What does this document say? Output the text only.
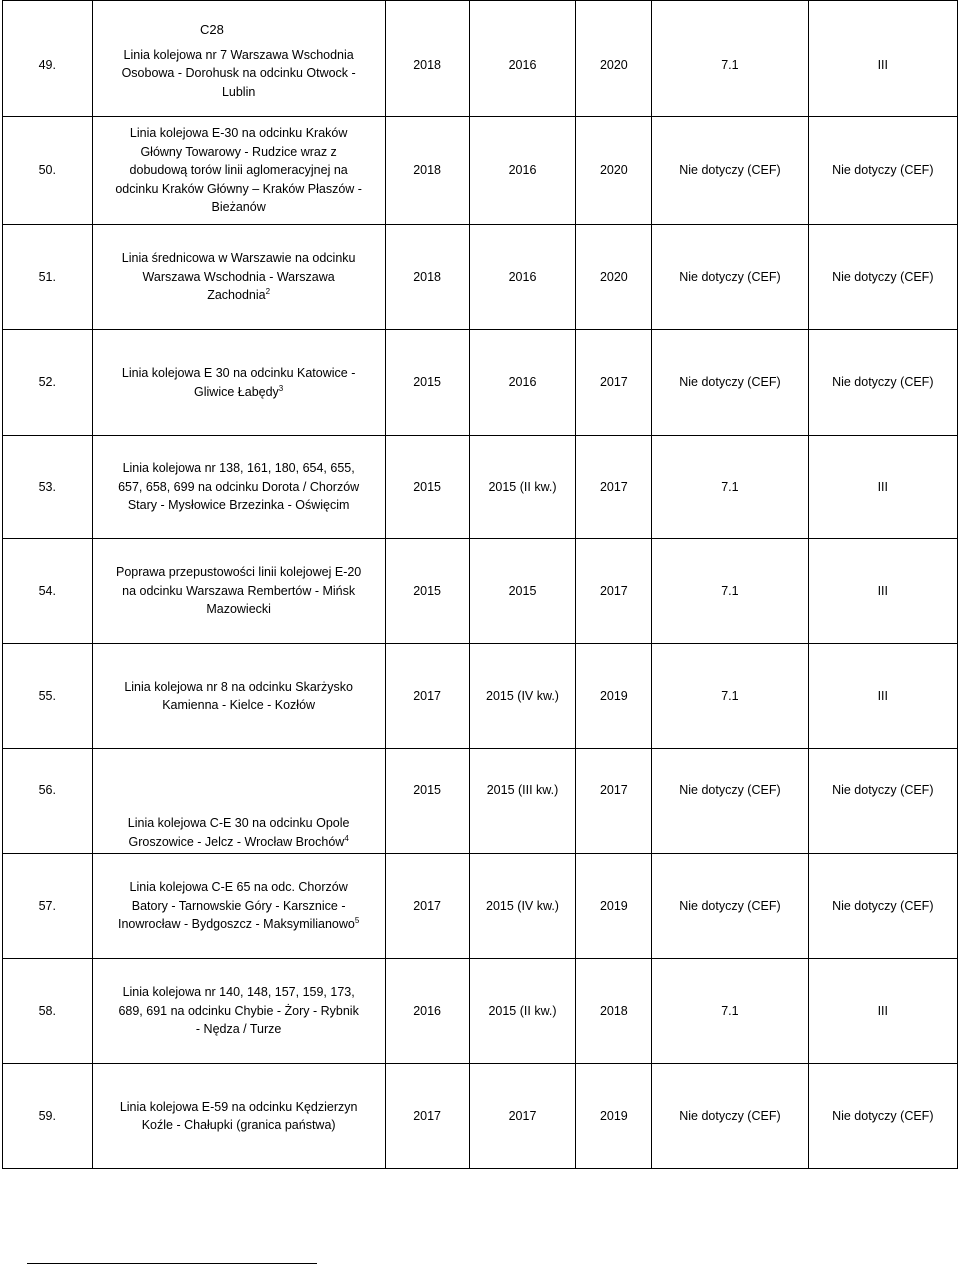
C28
49.	Linia kolejowa nr 7 Warszawa Wschodnia Osobowa - Dorohusk na odcinku Otwock - Lublin	2018	2016	2020	7.1	III
50.	Linia kolejowa E-30 na odcinku Kraków Główny Towarowy - Rudzice wraz z dobudową torów linii aglomeracyjnej na odcinku Kraków Główny – Kraków Płaszów -Bieżanów	2018	2016	2020	Nie dotyczy (CEF)	Nie dotyczy (CEF)
51.	Linia średnicowa w Warszawie na odcinku Warszawa Wschodnia - Warszawa Zachodnia$^2$	2018	2016	2020	Nie dotyczy (CEF)	Nie dotyczy (CEF)
52.	Linia kolejowa E 30 na odcinku Katowice - Gliwice Łabędy$^3$	2015	2016	2017	Nie dotyczy (CEF)	Nie dotyczy (CEF)
53.	Linia kolejowa nr 138, 161, 180, 654, 655, 657, 658, 699 na odcinku Dorota / Chorzów Stary - Mysłowice Brzezinka - Oświęcim	2015	2015 (II kw.)	2017	7.1	III
54.	Poprawa przepustowości linii kolejowej E-20 na odcinku Warszawa Rembertów - Mińsk Mazowiecki	2015	2015	2017	7.1	III
55.	Linia kolejowa nr 8 na odcinku Skarżysko Kamienna - Kielce - Kozłów	2017	2015 (IV kw.)	2019	7.1	III
56.	Linia kolejowa C-E 30 na odcinku Opole Groszowice - Jelcz - Wrocław Brochów$^4$	2015	2015 (III kw.)	2017	Nie dotyczy (CEF)	Nie dotyczy (CEF)
57.	Linia kolejowa C-E 65 na odc. Chorzów Batory - Tarnowskie Góry - Karsznice - Inowrocław - Bydgoszcz - Maksymilianowo$^5$	2017	2015 (IV kw.)	2019	Nie dotyczy (CEF)	Nie dotyczy (CEF)
58.	Linia kolejowa nr 140, 148, 157, 159, 173, 689, 691 na odcinku Chybie - Żory - Rybnik - Nędza / Turze	2016	2015 (II kw.)	2018	7.1	III
59.	Linia kolejowa E-59 na odcinku Kędzierzyn Koźle - Chałupki (granica państwa)	2017	2017	2019	Nie dotyczy (CEF)	Nie dotyczy (CEF)
